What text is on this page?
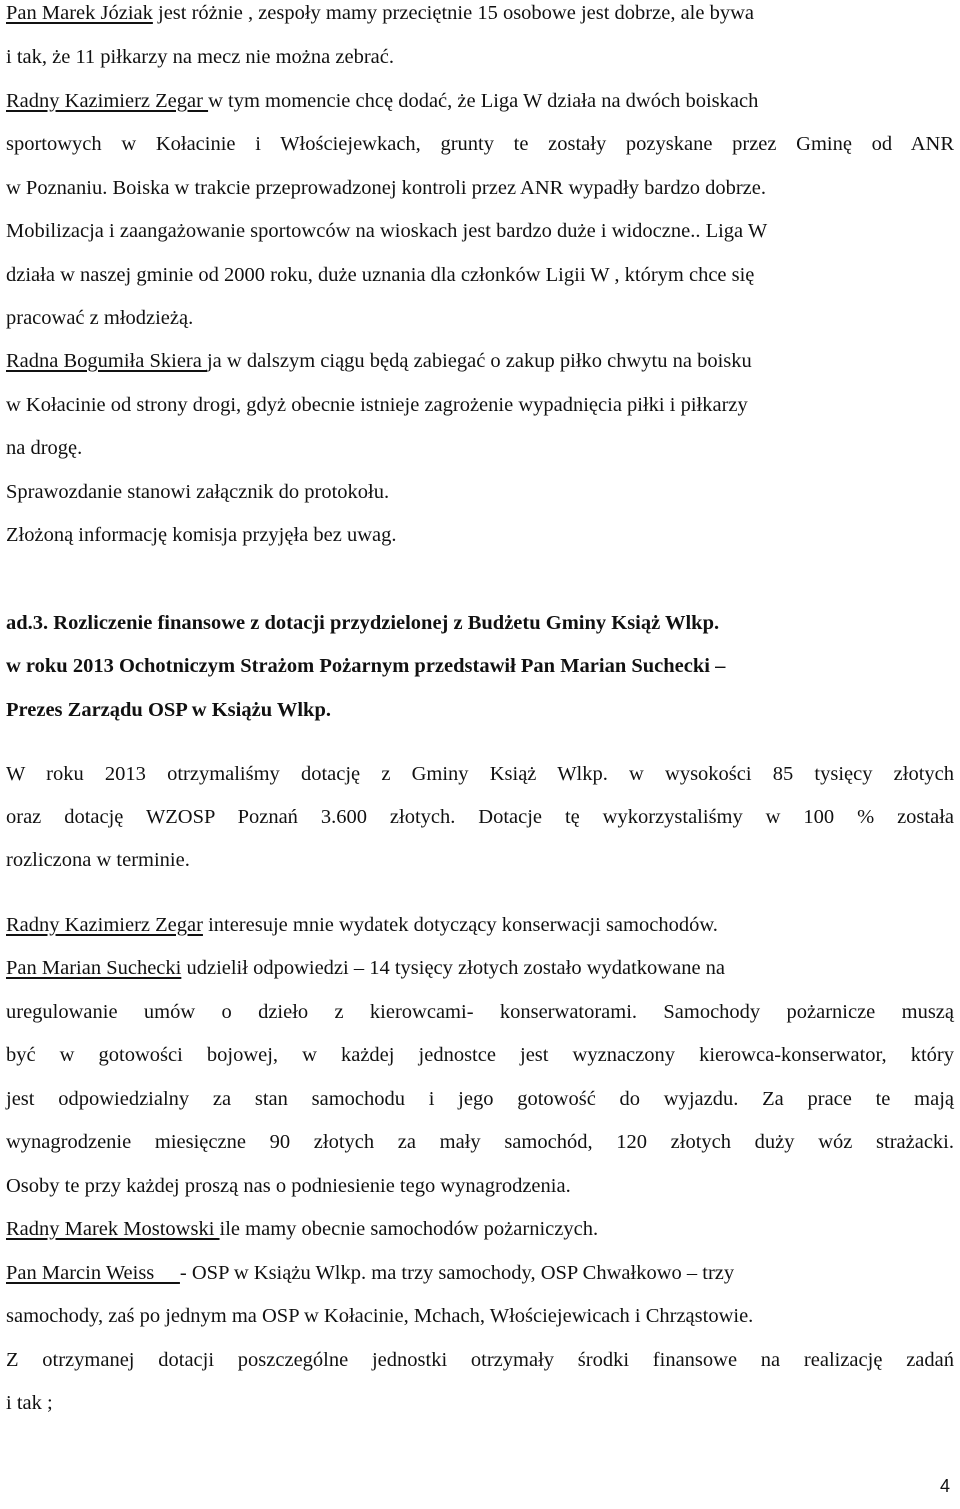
Pan Marek Józiak jest różnie , zespoły mamy przeciętnie 15 osobowe jest dobrze, ale bywa
i tak, że 11 piłkarzy na mecz nie można zebrać.
Radny Kazimierz Zegar w tym momencie chcę dodać, że Liga W działa na dwóch boiskach
sportowych w Kołacinie i Włościejewkach, grunty te zostały pozyskane przez Gminę od ANR
w Poznaniu. Boiska w trakcie przeprowadzonej kontroli przez ANR wypadły bardzo dobrze.
Mobilizacja i zaangażowanie sportowców na wioskach jest bardzo duże i widoczne.. Liga W
działa w naszej gminie od 2000 roku, duże uznania dla członków Ligii W , którym chce się
pracować z młodzieżą.
Radna Bogumiła Skiera ja w dalszym ciągu będą zabiegać o zakup piłko chwytu na boisku
w Kołacinie od strony drogi, gdyż obecnie istnieje zagrożenie wypadnięcia piłki i piłkarzy
na drogę.
Sprawozdanie stanowi załącznik do protokołu.
Złożoną informację komisja przyjęła bez uwag.
ad.3. Rozliczenie finansowe z dotacji przydzielonej z Budżetu Gminy Książ Wlkp.
w roku 2013 Ochotniczym Strażom Pożarnym przedstawił Pan Marian Suchecki –
Prezes Zarządu OSP w Książu Wlkp.
W roku 2013 otrzymaliśmy dotację z Gminy Książ Wlkp. w wysokości 85 tysięcy złotych
oraz dotację WZOSP Poznań 3.600 złotych. Dotacje tę wykorzystaliśmy w 100 % została
rozliczona w terminie.
Radny Kazimierz Zegar interesuje mnie wydatek dotyczący konserwacji samochodów.
Pan Marian Suchecki udzielił odpowiedzi – 14 tysięcy złotych zostało wydatkowane na
uregulowanie umów o dzieło z kierowcami- konserwatorami. Samochody pożarnicze muszą
być w gotowości bojowej, w każdej jednostce jest wyznaczony kierowca-konserwator, który
jest odpowiedzialny za stan samochodu i jego gotowość do wyjazdu. Za prace te mają
wynagrodzenie miesięczne 90 złotych za mały samochód, 120 złotych duży wóz strażacki.
Osoby te przy każdej proszą nas o podniesienie tego wynagrodzenia.
Radny Marek Mostowski ile mamy obecnie samochodów pożarniczych.
Pan Marcin Weiss     - OSP w Książu Wlkp. ma trzy samochody, OSP Chwałkowo – trzy
samochody, zaś po jednym ma OSP w Kołacinie, Mchach, Włościejewicach i Chrząstowie.
Z otrzymanej dotacji poszczególne jednostki otrzymały środki finansowe na realizację zadań
i tak ;
4
